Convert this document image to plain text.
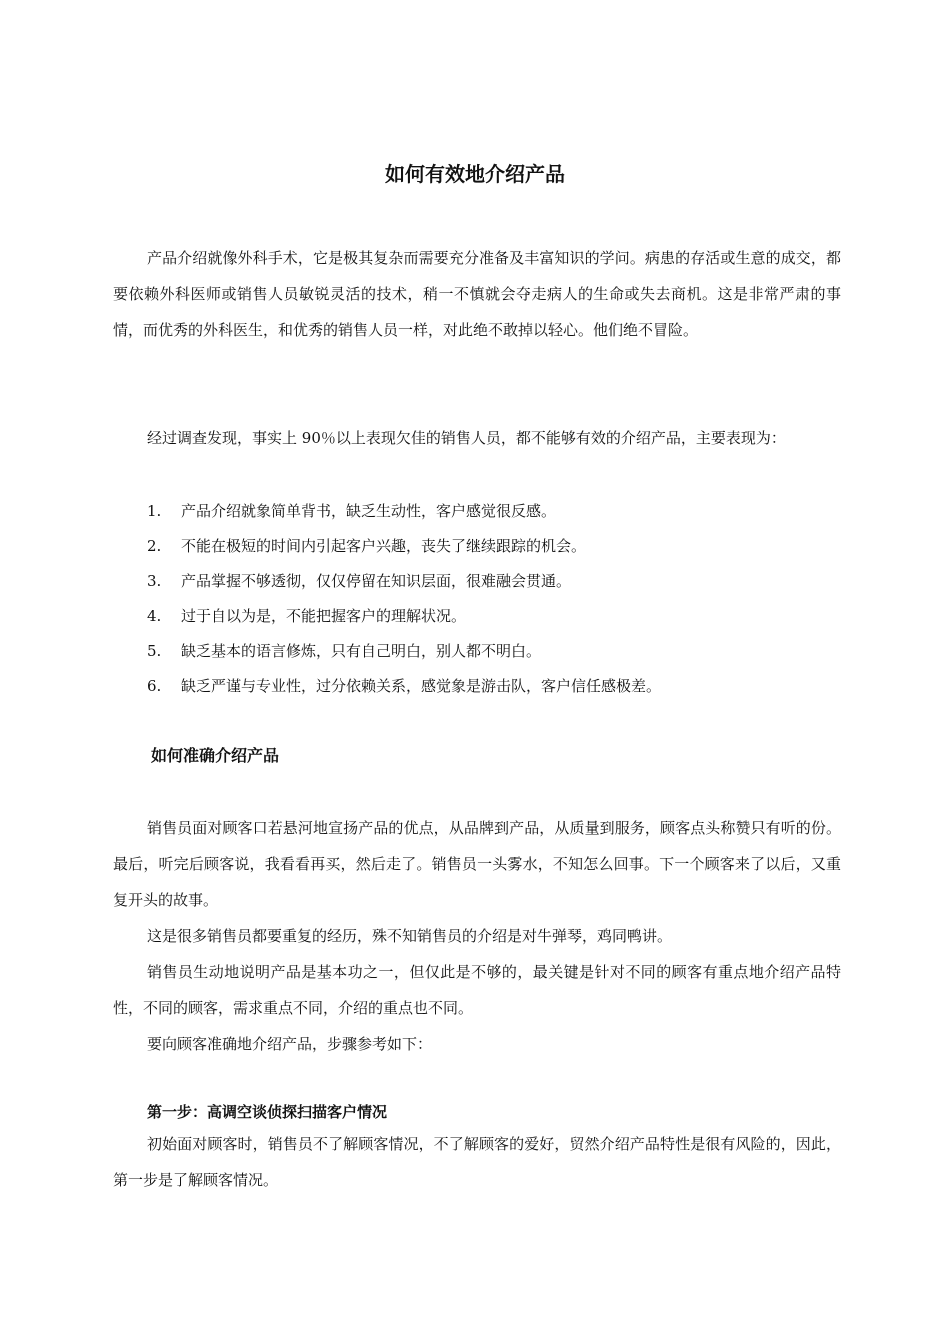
如何有效地介绍产品

产品介绍就像外科手术，它是极其复杂而需要充分准备及丰富知识的学问。病患的存活或生意的成交，都要依赖外科医师或销售人员敏锐灵活的技术，稍一不慎就会夺走病人的生命或失去商机。这是非常严肃的事情，而优秀的外科医生，和优秀的销售人员一样，对此绝不敢掉以轻心。他们绝不冒险。

经过调查发现，事实上 90％以上表现欠佳的销售人员，都不能够有效的介绍产品，主要表现为：

1.	产品介绍就象简单背书，缺乏生动性，客户感觉很反感。
2.	不能在极短的时间内引起客户兴趣，丧失了继续跟踪的机会。
3.	产品掌握不够透彻，仅仅停留在知识层面，很难融会贯通。
4.	过于自以为是，不能把握客户的理解状况。
5.	缺乏基本的语言修炼，只有自己明白，别人都不明白。
6.	缺乏严谨与专业性，过分依赖关系，感觉象是游击队，客户信任感极差。
如何准确介绍产品

销售员面对顾客口若悬河地宣扬产品的优点，从品牌到产品，从质量到服务，顾客点头称赞只有听的份。最后，听完后顾客说，我看看再买，然后走了。销售员一头雾水，不知怎么回事。下一个顾客来了以后，又重复开头的故事。

这是很多销售员都要重复的经历，殊不知销售员的介绍是对牛弹琴，鸡同鸭讲。

销售员生动地说明产品是基本功之一，但仅此是不够的，最关键是针对不同的顾客有重点地介绍产品特性，不同的顾客，需求重点不同，介绍的重点也不同。

要向顾客准确地介绍产品，步骤参考如下：

第一步：高调空谈侦探扫描客户情况

初始面对顾客时，销售员不了解顾客情况，不了解顾客的爱好，贸然介绍产品特性是很有风险的，因此，第一步是了解顾客情况。
